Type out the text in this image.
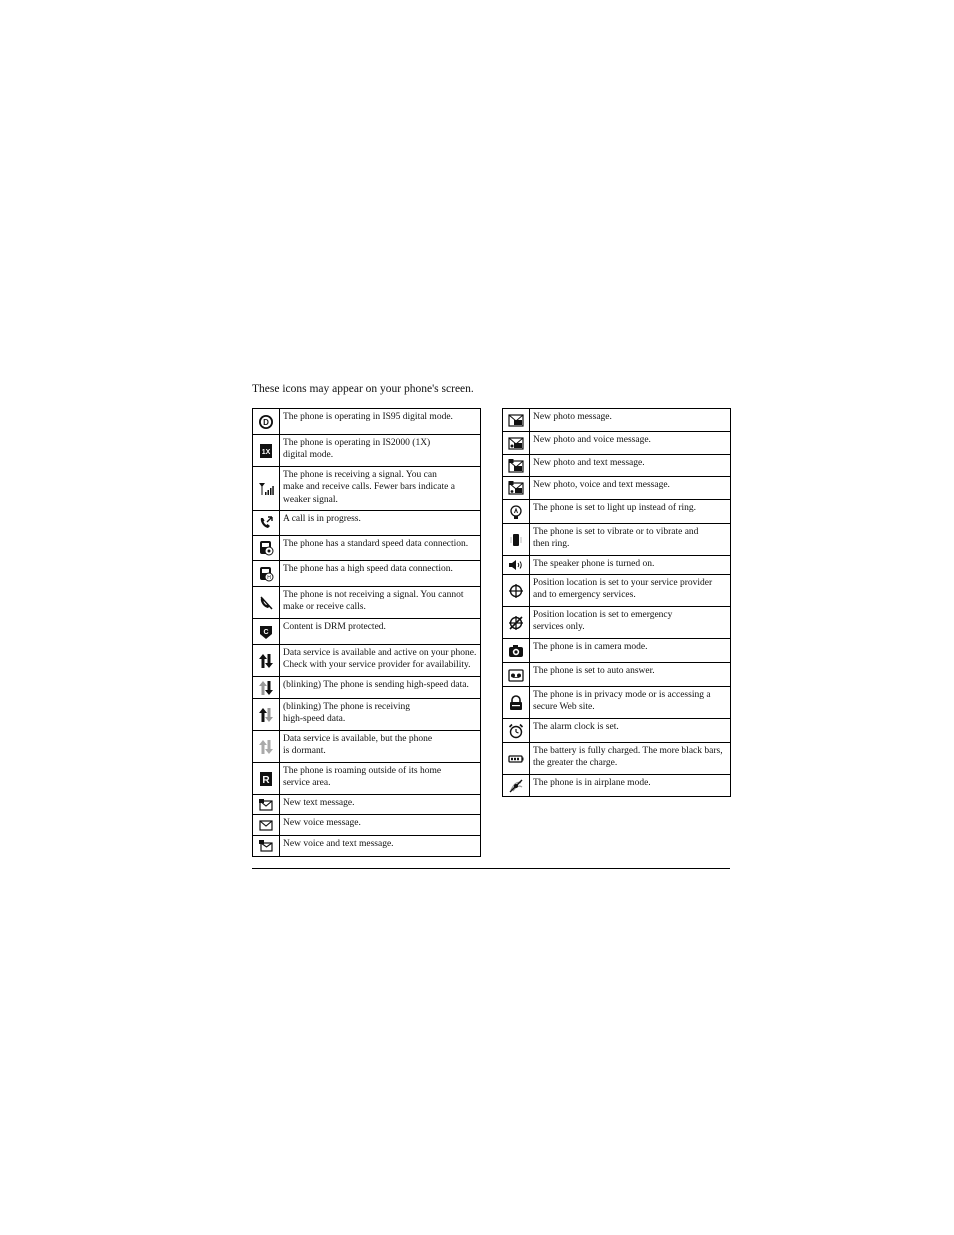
These icons may appear on your phone's screen.
D	The phone is operating in IS95 digital mode.

1X	The phone is operating in IS2000 (1X)
digital mode.

	The phone is receiving a signal. You can
make and receive calls. Fewer bars indicate a
weaker signal.

	A call is in progress.

	The phone has a standard speed data connection.

H	The phone has a high speed data connection.

	The phone is not receiving a signal. You cannot
make or receive calls.

C	Content is DRM protected.

	Data service is available and active on your phone.
Check with your service provider for availability.

	(blinking) The phone is sending high-speed data.

	(blinking) The phone is receiving
high-speed data.

	Data service is available, but the phone
is dormant.

R	The phone is roaming outside of its home
service area.

	New text message.

	New voice message.

	New voice and text message.
	New photo message.

	New photo and voice message.

	New photo and text message.

	New photo, voice and text message.

	The phone is set to light up instead of ring.

	The phone is set to vibrate or to vibrate and
then ring.

	The speaker phone is turned on.

	Position location is set to your service provider
and to emergency services.

	Position location is set to emergency
services only.

	The phone is in camera mode.

	The phone is set to auto answer.

	The phone is in privacy mode or is accessing a
secure Web site.

	The alarm clock is set.

	The battery is fully charged. The more black bars,
the greater the charge.

	The phone is in airplane mode.
